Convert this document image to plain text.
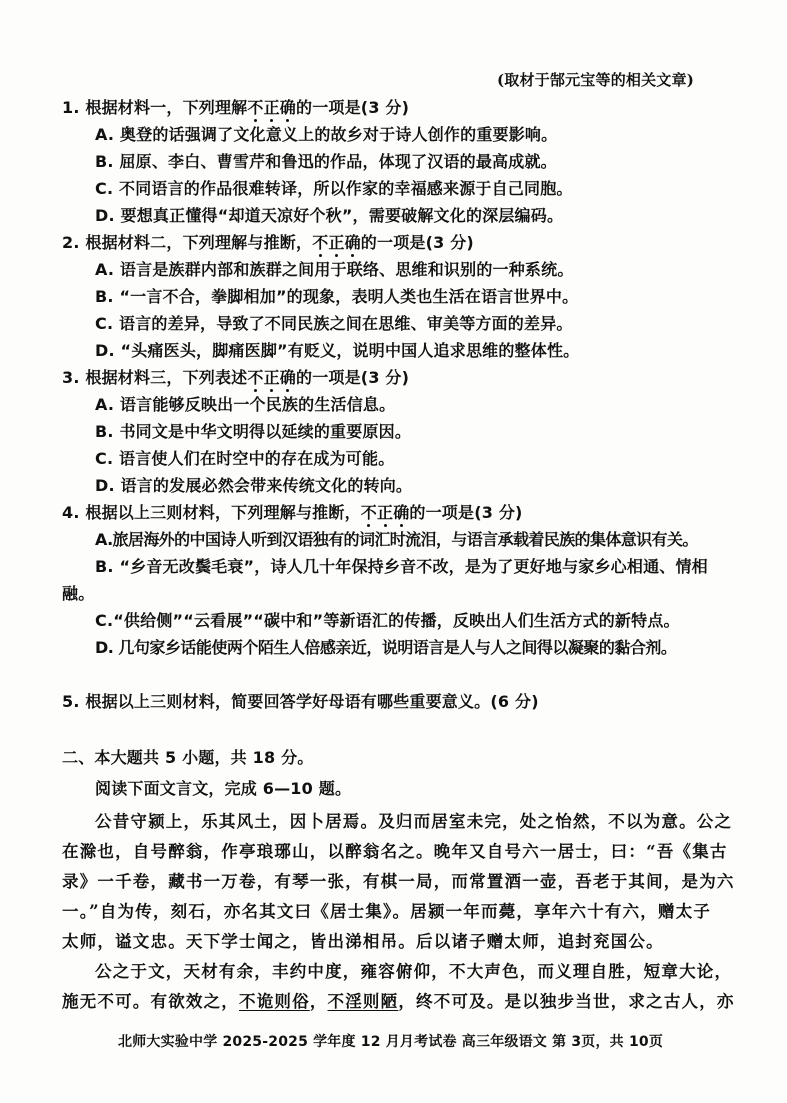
(取材于郜元宝等的相关文章)
1. 根据材料一，下列理解不正确的一项是(3 分)
A. 奥登的话强调了文化意义上的故乡对于诗人创作的重要影响。
B. 屈原、李白、曹雪芹和鲁迅的作品，体现了汉语的最高成就。
C. 不同语言的作品很难转译，所以作家的幸福感来源于自己同胞。
D. 要想真正懂得“却道天凉好个秋”，需要破解文化的深层编码。
2. 根据材料二，下列理解与推断，不正确的一项是(3 分)
A. 语言是族群内部和族群之间用于联络、思维和识别的一种系统。
B. “一言不合，拳脚相加”的现象，表明人类也生活在语言世界中。
C. 语言的差异，导致了不同民族之间在思维、审美等方面的差异。
D. “头痛医头，脚痛医脚”有贬义，说明中国人追求思维的整体性。
3. 根据材料三，下列表述不正确的一项是(3 分)
A. 语言能够反映出一个民族的生活信息。
B. 书同文是中华文明得以延续的重要原因。
C. 语言使人们在时空中的存在成为可能。
D. 语言的发展必然会带来传统文化的转向。
4. 根据以上三则材料，下列理解与推断，不正确的一项是(3 分)
A.旅居海外的中国诗人听到汉语独有的词汇时流泪，与语言承载着民族的集体意识有关。
B. “乡音无改鬓毛衰”，诗人几十年保持乡音不改，是为了更好地与家乡心相通、情相
融。
C.“供给侧”“云看展”“碳中和”等新语汇的传播，反映出人们生活方式的新特点。
D. 几句家乡话能使两个陌生人倍感亲近，说明语言是人与人之间得以凝聚的黏合剂。
5. 根据以上三则材料，简要回答学好母语有哪些重要意义。(6 分)
二、本大题共 5 小题，共 18 分。
阅读下面文言文，完成 6—10 题。
公昔守颍上，乐其风土，因卜居焉。及归而居室未完，处之怡然，不以为意。公之
在滁也，自号醉翁，作亭琅琊山，以醉翁名之。晚年又自号六一居士，曰：“吾《集古
录》一千卷，藏书一万卷，有琴一张，有棋一局，而常置酒一壶，吾老于其间，是为六
一。”自为传，刻石，亦名其文曰《居士集》。居颍一年而薨，享年六十有六，赠太子
太师，谥文忠。天下学士闻之，皆出涕相吊。后以诸子赠太师，追封兖国公。
公之于文，天材有余，丰约中度，雍容俯仰，不大声色，而义理自胜，短章大论，
施无不可。有欲效之，不诡则俗，不淫则陋，终不可及。是以独步当世，求之古人，亦
北师大实验中学 2025-2025 学年度 12 月月考试卷 高三年级语文 第 3页，共 10页
